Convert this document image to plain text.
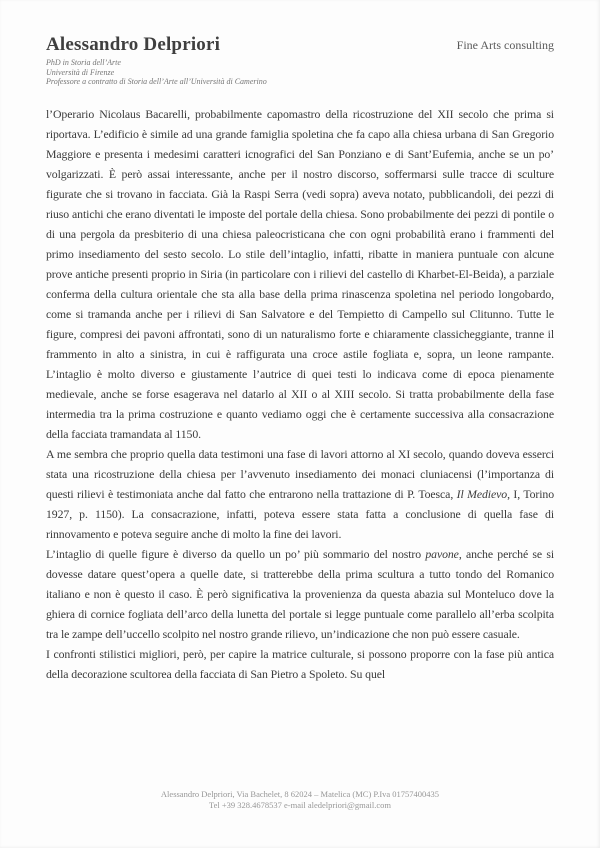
Alessandro Delpriori
PhD in Storia dell’Arte
Università di Firenze
Professore a contratto di Storia dell’Arte all’Università di Camerino
Fine Arts consulting

l’Operario Nicolaus Bacarelli, probabilmente capomastro della ricostruzione del XII secolo che prima si riportava. L’edificio è simile ad una grande famiglia spoletina che fa capo alla chiesa urbana di San Gregorio Maggiore e presenta i medesimi caratteri icnografici del San Ponziano e di Sant’Eufemia, anche se un po’ volgarizzati. È però assai interessante, anche per il nostro discorso, soffermarsi sulle tracce di sculture figurate che si trovano in facciata. Già la Raspi Serra (vedi sopra) aveva notato, pubblicandoli, dei pezzi di riuso antichi che erano diventati le imposte del portale della chiesa. Sono probabilmente dei pezzi di pontile o di una pergola da presbiterio di una chiesa paleocristicana che con ogni probabilità erano i frammenti del primo insediamento del sesto secolo. Lo stile dell’intaglio, infatti, ribatte in maniera puntuale con alcune prove antiche presenti proprio in Siria (in particolare con i rilievi del castello di Kharbet-El-Beida), a parziale conferma della cultura orientale che sta alla base della prima rinascenza spoletina nel periodo longobardo, come si tramanda anche per i rilievi di San Salvatore e del Tempietto di Campello sul Clitunno. Tutte le figure, compresi dei pavoni affrontati, sono di un naturalismo forte e chiaramente classicheggiante, tranne il frammento in alto a sinistra, in cui è raffigurata una croce astile fogliata e, sopra, un leone rampante. L’intaglio è molto diverso e giustamente l’autrice di quei testi lo indicava come di epoca pienamente medievale, anche se forse esagerava nel datarlo al XII o al XIII secolo. Si tratta probabilmente della fase intermedia tra la prima costruzione e quanto vediamo oggi che è certamente successiva alla consacrazione della facciata tramandata al 1150.

A me sembra che proprio quella data testimoni una fase di lavori attorno al XI secolo, quando doveva esserci stata una ricostruzione della chiesa per l’avvenuto insediamento dei monaci cluniacensi (l’importanza di questi rilievi è testimoniata anche dal fatto che entrarono nella trattazione di P. Toesca, Il Medievo, I, Torino 1927, p. 1150). La consacrazione, infatti, poteva essere stata fatta a conclusione di quella fase di rinnovamento e poteva seguire anche di molto la fine dei lavori.

L’intaglio di quelle figure è diverso da quello un po’ più sommario del nostro pavone, anche perché se si dovesse datare quest’opera a quelle date, si tratterebbe della prima scultura a tutto tondo del Romanico italiano e non è questo il caso. È però significativa la provenienza da questa abazia sul Monteluco dove la ghiera di cornice fogliata dell’arco della lunetta del portale si legge puntuale come parallelo all’erba scolpita tra le zampe dell’uccello scolpito nel nostro grande rilievo, un’indicazione che non può essere casuale.

I confronti stilistici migliori, però, per capire la matrice culturale, si possono proporre con la fase più antica della decorazione scultorea della facciata di San Pietro a Spoleto. Su quel

Alessandro Delpriori, Via Bachelet, 8 62024 – Matelica (MC) P.Iva 01757400435
Tel +39 328.4678537 e-mail aledelpriori@gmail.com
